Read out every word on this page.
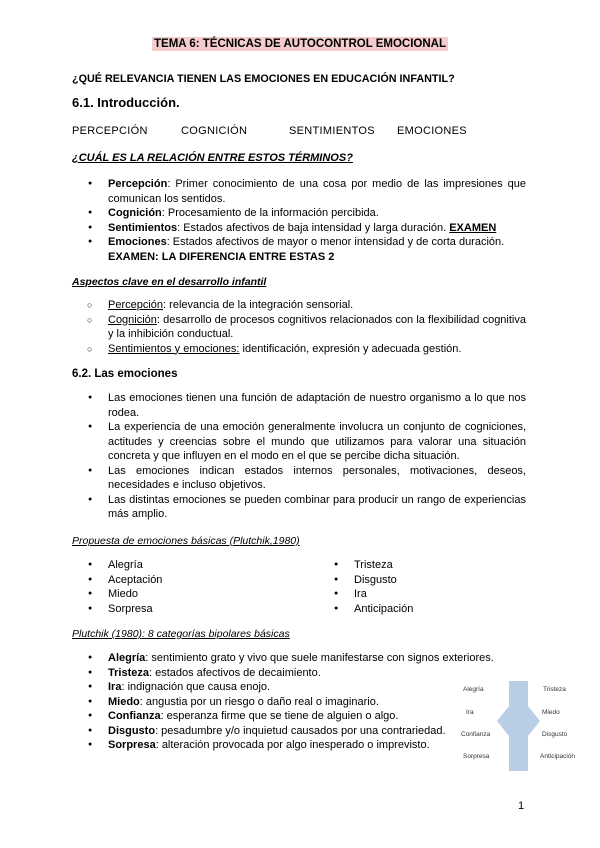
TEMA 6: TÉCNICAS DE AUTOCONTROL EMOCIONAL
¿QUÉ RELEVANCIA TIENEN LAS EMOCIONES EN EDUCACIÓN INFANTIL?
6.1. Introducción.
PERCEPCIÓN	COGNICIÓN	SENTIMIENTOS EMOCIONES
¿CUÁL ES LA RELACIÓN ENTRE ESTOS TÉRMINOS?
● Percepción: Primer conocimiento de una cosa por medio de las impresiones que comunican los sentidos.
● Cognición: Procesamiento de la información percibida.
● Sentimientos: Estados afectivos de baja intensidad y larga duración. EXAMEN
● Emociones: Estados afectivos de mayor o menor intensidad y de corta duración.
EXAMEN: LA DIFERENCIA ENTRE ESTAS 2
Aspectos clave en el desarrollo infantil
○ Percepción: relevancia de la integración sensorial.
○ Cognición: desarrollo de procesos cognitivos relacionados con la flexibilidad cognitiva y la inhibición conductual.
○ Sentimientos y emociones: identificación, expresión y adecuada gestión.
6.2. Las emociones
● Las emociones tienen una función de adaptación de nuestro organismo a lo que nos rodea.
● La experiencia de una emoción generalmente involucra un conjunto de cogniciones, actitudes y creencias sobre el mundo que utilizamos para valorar una situación concreta y que influyen en el modo en el que se percibe dicha situación.
● Las emociones indican estados internos personales, motivaciones, deseos, necesidades e incluso objetivos.
● Las distintas emociones se pueden combinar para producir un rango de experiencias más amplio.
Propuesta de emociones básicas (Plutchik,1980)
● Alegría
● Aceptación
● Miedo
● Sorpresa
● Tristeza
● Disgusto
● Ira
● Anticipación
Plutchik (1980): 8 categorías bipolares básicas
● Alegría: sentimiento grato y vivo que suele manifestarse con signos exteriores.
● Tristeza: estados afectivos de decaimiento.
● Ira: indignación que causa enojo.
● Miedo: angustia por un riesgo o daño real o imaginario.
● Confianza: esperanza firme que se tiene de alguien o algo.
● Disgusto: pesadumbre y/o inquietud causados por una contrariedad.
● Sorpresa: alteración provocada por algo inesperado o imprevisto.
Alegría
Ira
Confianza
Sorpresa
Tristeza
Miedo
Disgusto
Anticipación
1
